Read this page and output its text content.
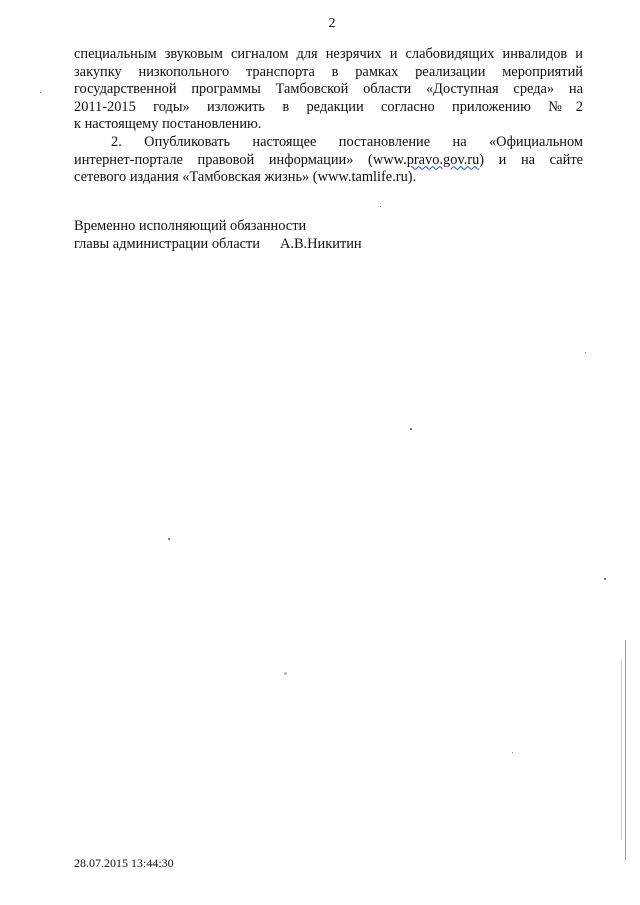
2
специальным звуковым сигналом для незрячих и слабовидящих инвалидов и
закупку низкопольного транспорта в рамках реализации мероприятий
государственной программы Тамбовской области «Доступная среда» на
2011-2015 годы» изложить в редакции согласно приложению №2
к настоящему постановлению.
2. Опубликовать настоящее постановление на «Официальном
интернет-портале правовой информации» (www.pravo.gov.ru) и на сайте
сетевого издания «Тамбовская жизнь» (www.tamlife.ru).
Временно исполняющий обязанности
главы администрации области А.В.Никитин
28.07.2015 13:44:30
